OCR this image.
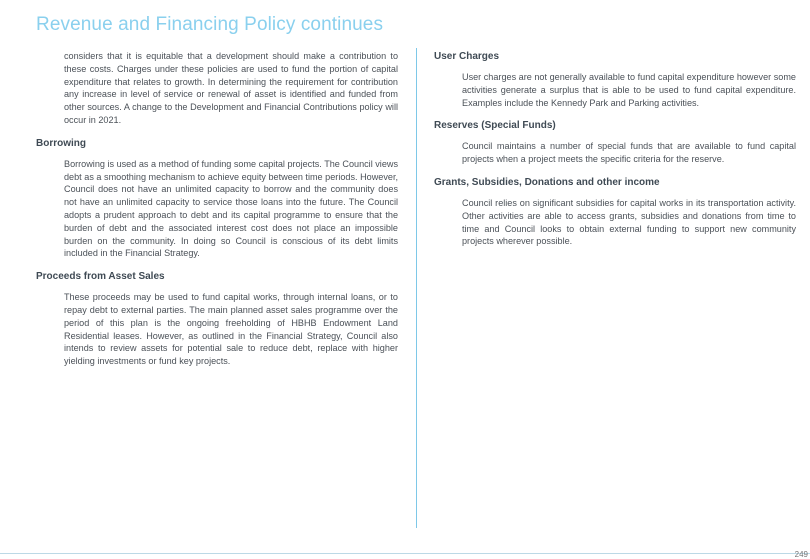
Revenue and Financing Policy continues

considers that it is equitable that a development should make a contribution to these costs. Charges under these policies are used to fund the portion of capital expenditure that relates to growth. In determining the requirement for contribution any increase in level of service or renewal of asset is identified and funded from other sources. A change to the Development and Financial Contributions policy will occur in 2021.

Borrowing

Borrowing is used as a method of funding some capital projects. The Council views debt as a smoothing mechanism to achieve equity between time periods. However, Council does not have an unlimited capacity to borrow and the community does not have an unlimited capacity to service those loans into the future. The Council adopts a prudent approach to debt and its capital programme to ensure that the burden of debt and the associated interest cost does not place an impossible burden on the community. In doing so Council is conscious of its debt limits included in the Financial Strategy.

Proceeds from Asset Sales

These proceeds may be used to fund capital works, through internal loans, or to repay debt to external parties. The main planned asset sales programme over the period of this plan is the ongoing freeholding of HBHB Endowment Land Residential leases. However, as outlined in the Financial Strategy, Council also intends to review assets for potential sale to reduce debt, replace with higher yielding investments or fund key projects.

User Charges

User charges are not generally available to fund capital expenditure however some activities generate a surplus that is able to be used to fund capital expenditure. Examples include the Kennedy Park and Parking activities.

Reserves (Special Funds)

Council maintains a number of special funds that are available to fund capital projects when a project meets the specific criteria for the reserve.

Grants, Subsidies, Donations and other income

Council relies on significant subsidies for capital works in its transportation activity. Other activities are able to access grants, subsidies and donations from time to time and Council looks to obtain external funding to support new community projects wherever possible.

249
